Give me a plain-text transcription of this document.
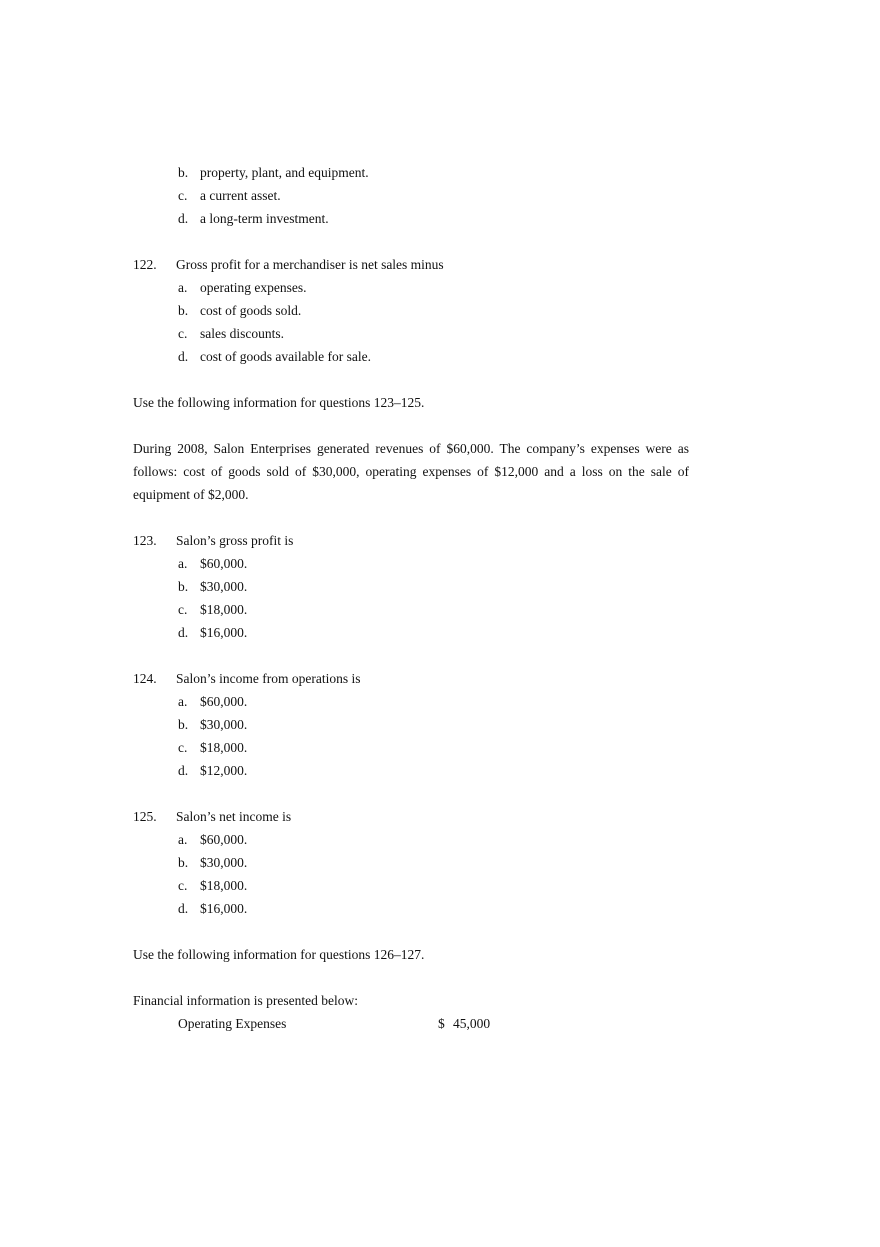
b. property, plant, and equipment.
c. a current asset.
d. a long-term investment.
122. Gross profit for a merchandiser is net sales minus
a. operating expenses.
b. cost of goods sold.
c. sales discounts.
d. cost of goods available for sale.
Use the following information for questions 123–125.
During 2008, Salon Enterprises generated revenues of $60,000. The company’s expenses were as follows: cost of goods sold of $30,000, operating expenses of $12,000 and a loss on the sale of equipment of $2,000.
123. Salon’s gross profit is
a. $60,000.
b. $30,000.
c. $18,000.
d. $16,000.
124. Salon’s income from operations is
a. $60,000.
b. $30,000.
c. $18,000.
d. $12,000.
125. Salon’s net income is
a. $60,000.
b. $30,000.
c. $18,000.
d. $16,000.
Use the following information for questions 126–127.
Financial information is presented below:
Operating Expenses	$ 45,000
